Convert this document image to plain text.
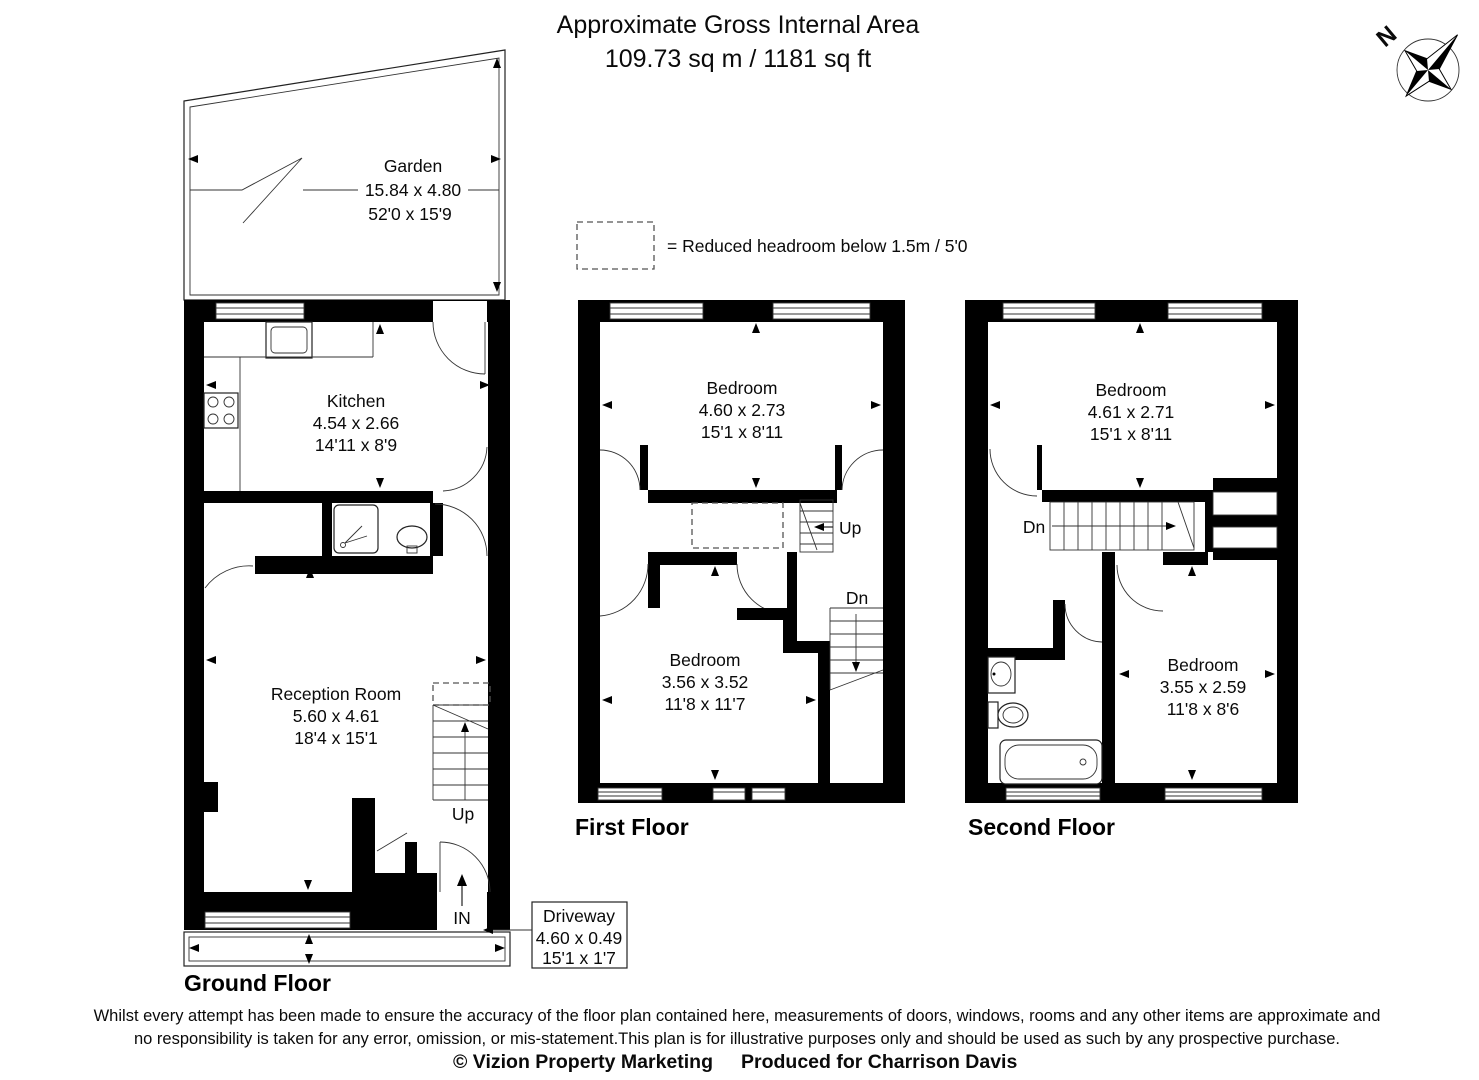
Approximate Gross Internal Area
109.73 sq m / 1181 sq ft
N
= Reduced headroom below 1.5m / 5'0
Garden
15.84 x 4.80
52'0 x 15'9
Kitchen
4.54 x 2.66
14'11 x 8'9
Up
Reception Room
5.60 x 4.61
18'4 x 15'1
IN	Driveway
4.60 x 0.49
15'1 x 1'7
Ground Floor
Bedroom
4.60 x 2.73
15'1 x 8'11
Up
Dn
Bedroom
3.56 x 3.52
11'8 x 11'7
First Floor
Bedroom
4.61 x 2.71
15'1 x 8'11
Dn
Bedroom
3.55 x 2.59
11'8 x 8'6
Second Floor
Whilst every attempt has been made to ensure the accuracy of the floor plan contained here, measurements of doors, windows, rooms and any other items are approximate and
no responsibility is taken for any error, omission, or mis-statement.This plan is for illustrative purposes only and should be used as such by any prospective purchase.
© Vizion Property Marketing Produced for Charrison Davis
